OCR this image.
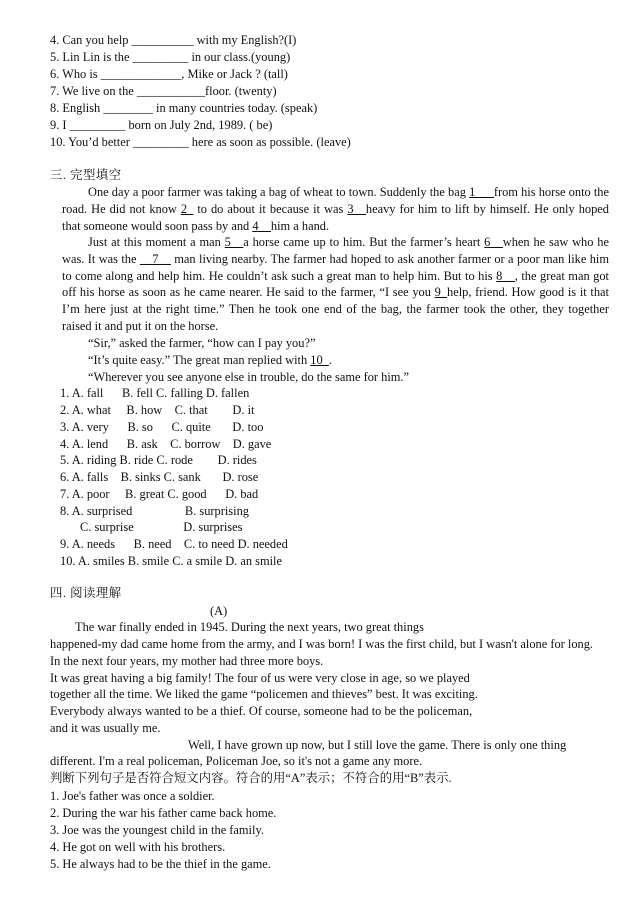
4. Can you help __________ with my English?(I)
5. Lin Lin is the _________ in our class.(young)
6. Who is _____________, Mike or Jack ? (tall)
7. We live on the ___________floor. (twenty)
8. English ________ in many countries today. (speak)
9. I _________ born on July 2nd, 1989. ( be)
10. You’d better _________ here as soon as possible. (leave)
三. 完型填空
One day a poor farmer was taking a bag of wheat to town. Suddenly the bag 1___from his horse onto the road. He did not know 2_ to do about it because it was 3__heavy for him to lift by himself. He only hoped that someone would soon pass by and 4__him a hand.
Just at this moment a man 5__a horse came up to him. But the farmer’s heart 6__when he saw who he was. It was the __7__ man living nearby. The farmer had hoped to ask another farmer or a poor man like him to come along and help him. He couldn’t ask such a great man to help him. But to his 8__, the great man got off his horse as soon as he came nearer. He said to the farmer, “I see you 9_help, friend. How good is it that I’m here just at the right time.” Then he took one end of the bag, the farmer took the other, they together raised it and put it on the horse.
“Sir,” asked the farmer, “how can I pay you?”
“It’s quite easy.” The great man replied with 10_.
“Wherever you see anyone else in trouble, do the same for him.”
1. A. fall      B. fell C. falling D. fallen
2. A. what     B. how    C. that        D. it
3. A. very      B. so      C. quite       D. too
4. A. lend      B. ask    C. borrow    D. gave
5. A. riding B. ride C. rode        D. rides
6. A. falls    B. sinks C. sank       D. rose
7. A. poor     B. great C. good      D. bad
8. A. surprised                 B. surprising
C. surprise                D. surprises
9. A. needs      B. need    C. to need D. needed
10. A. smiles B. smile C. a smile D. an smile
四. 阅读理解
(A)
The war finally ended in 1945. During the next years, two great things
happened-my dad came home from the army, and I was born! I was the first child, but I wasn't alone for long.
In the next four years, my mother had three more boys.
It was great having a big family! The four of us were very close in age, so we played
together all the time. We liked the game “policemen and thieves” best. It was exciting.
Everybody always wanted to be a thief. Of course, someone had to be the policeman,
and it was usually me.
Well, I have grown up now, but I still love the game. There is only one thing
different. I'm a real policeman, Policeman Joe, so it's not a game any more.
判断下列句子是否符合短文内容。符合的用“A”表示；不符合的用“B”表示.
1. Joe's father was once a soldier.
2. During the war his father came back home.
3. Joe was the youngest child in the family.
4. He got on well with his brothers.
5. He always had to be the thief in the game.
